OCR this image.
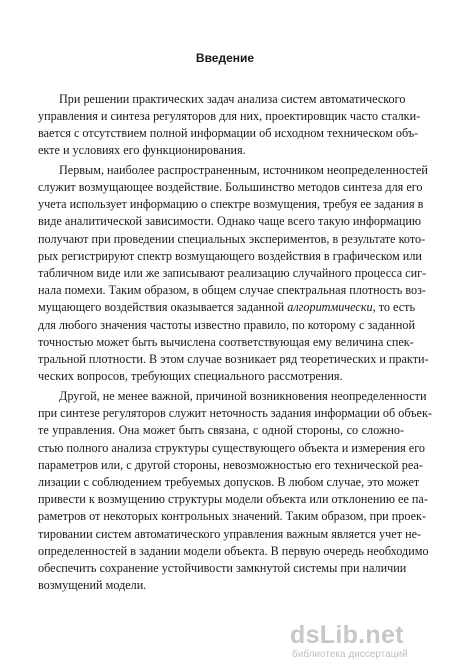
Введение
При решении практических задач анализа систем автоматического
управления и синтеза регуляторов для них, проектировщик часто сталки-
вается с отсутствием полной информации об исходном техническом объ-
екте и условиях его функционирования.
Первым, наиболее распространенным, источником неопределенностей
служит возмущающее воздействие. Большинство методов синтеза для его
учета использует информацию о спектре возмущения, требуя ее задания в
виде аналитической зависимости. Однако чаще всего такую информацию
получают при проведении специальных экспериментов, в результате кото-
рых регистрируют спектр возмущающего воздействия в графическом или
табличном виде или же записывают реализацию случайного процесса сиг-
нала помехи. Таким образом, в общем случае спектральная плотность воз-
мущающего воздействия оказывается заданной алгоритмически, то есть
для любого значения частоты известно правило, по которому с заданной
точностью может быть вычислена соответствующая ему величина спек-
тральной плотности. В этом случае возникает ряд теоретических и практи-
ческих вопросов, требующих специального рассмотрения.
Другой, не менее важной, причиной возникновения неопределенности
при синтезе регуляторов служит неточность задания информации об объек-
те управления. Она может быть связана, с одной стороны, со сложно-
стью полного анализа структуры существующего объекта и измерения его
параметров или, с другой стороны, невозможностью его технической реа-
лизации с соблюдением требуемых допусков. В любом случае, это может
привести к возмущению структуры модели объекта или отклонению ее па-
раметров от некоторых контрольных значений. Таким образом, при проек-
тировании систем автоматического управления важным является учет не-
определенностей в задании модели объекта. В первую очередь необходимо
обеспечить сохранение устойчивости замкнутой системы при наличии
возмущений модели.
dsLib.net
библиотека диссертаций
